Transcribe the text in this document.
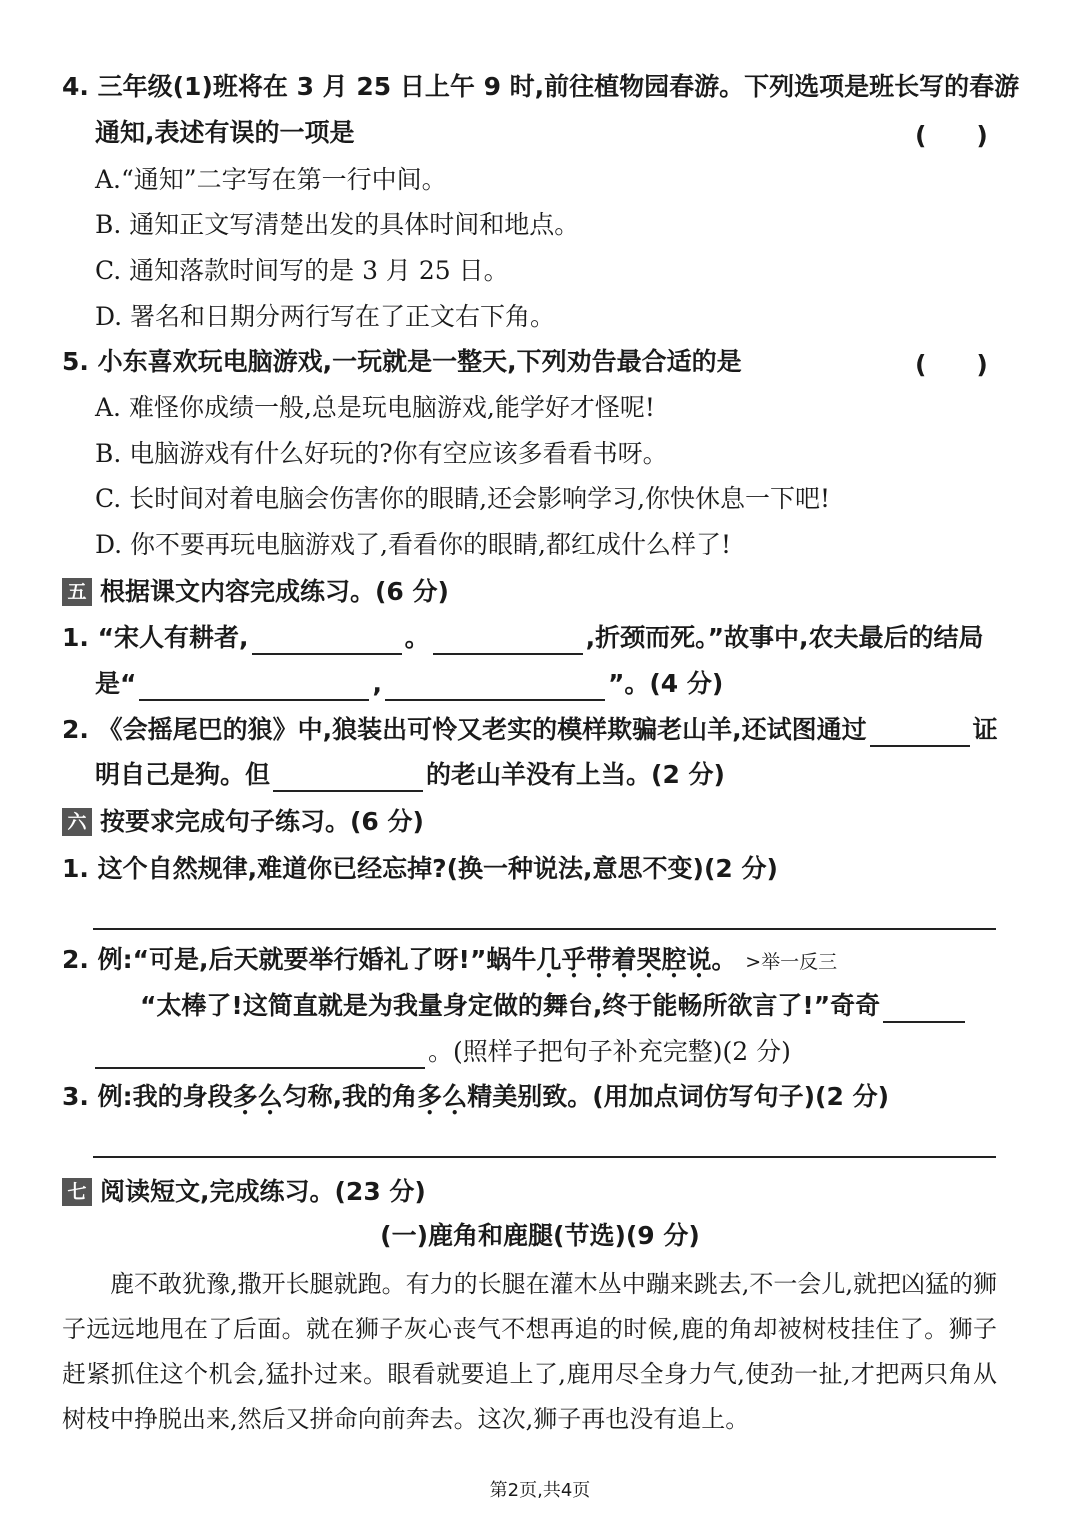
4. 三年级(1)班将在 3 月 25 日上午 9 时,前往植物园春游。下列选项是班长写的春游
通知,表述有误的一项是	(　　)
A.“通知”二字写在第一行中间。
B. 通知正文写清楚出发的具体时间和地点。
C. 通知落款时间写的是 3 月 25 日。
D. 署名和日期分两行写在了正文右下角。
5. 小东喜欢玩电脑游戏,一玩就是一整天,下列劝告最合适的是	(　　)
A. 难怪你成绩一般,总是玩电脑游戏,能学好才怪呢!
B. 电脑游戏有什么好玩的?你有空应该多看看书呀。
C. 长时间对着电脑会伤害你的眼睛,还会影响学习,你快休息一下吧!
D. 你不要再玩电脑游戏了,看看你的眼睛,都红成什么样了!
五 根据课文内容完成练习。(6 分)
1. “宋人有耕者,	。	,折颈而死。”故事中,农夫最后的结局
是“	,	”。(4 分)
2. 《会摇尾巴的狼》中,狼装出可怜又老实的模样欺骗老山羊,还试图通过	证
明自己是狗。但	的老山羊没有上当。(2 分)
六 按要求完成句子练习。(6 分)
1. 这个自然规律,难道你已经忘掉?(换一种说法,意思不变)(2 分)
2. 例:“可是,后天就要举行婚礼了呀!”蜗牛几乎带着哭腔说。 >举一反三
“太棒了!这简直就是为我量身定做的舞台,终于能畅所欲言了!”奇奇
。(照样子把句子补充完整)(2 分)
3. 例:我的身段多么匀称,我的角多么精美别致。(用加点词仿写句子)(2 分)
七 阅读短文,完成练习。(23 分)
(一)鹿角和鹿腿(节选)(9 分)
鹿不敢犹豫,撒开长腿就跑。有力的长腿在灌木丛中蹦来跳去,不一会儿,就把凶猛的狮子远远地甩在了后面。就在狮子灰心丧气不想再追的时候,鹿的角却被树枝挂住了。狮子赶紧抓住这个机会,猛扑过来。眼看就要追上了,鹿用尽全身力气,使劲一扯,才把两只角从树枝中挣脱出来,然后又拼命向前奔去。这次,狮子再也没有追上。
第2页,共4页
